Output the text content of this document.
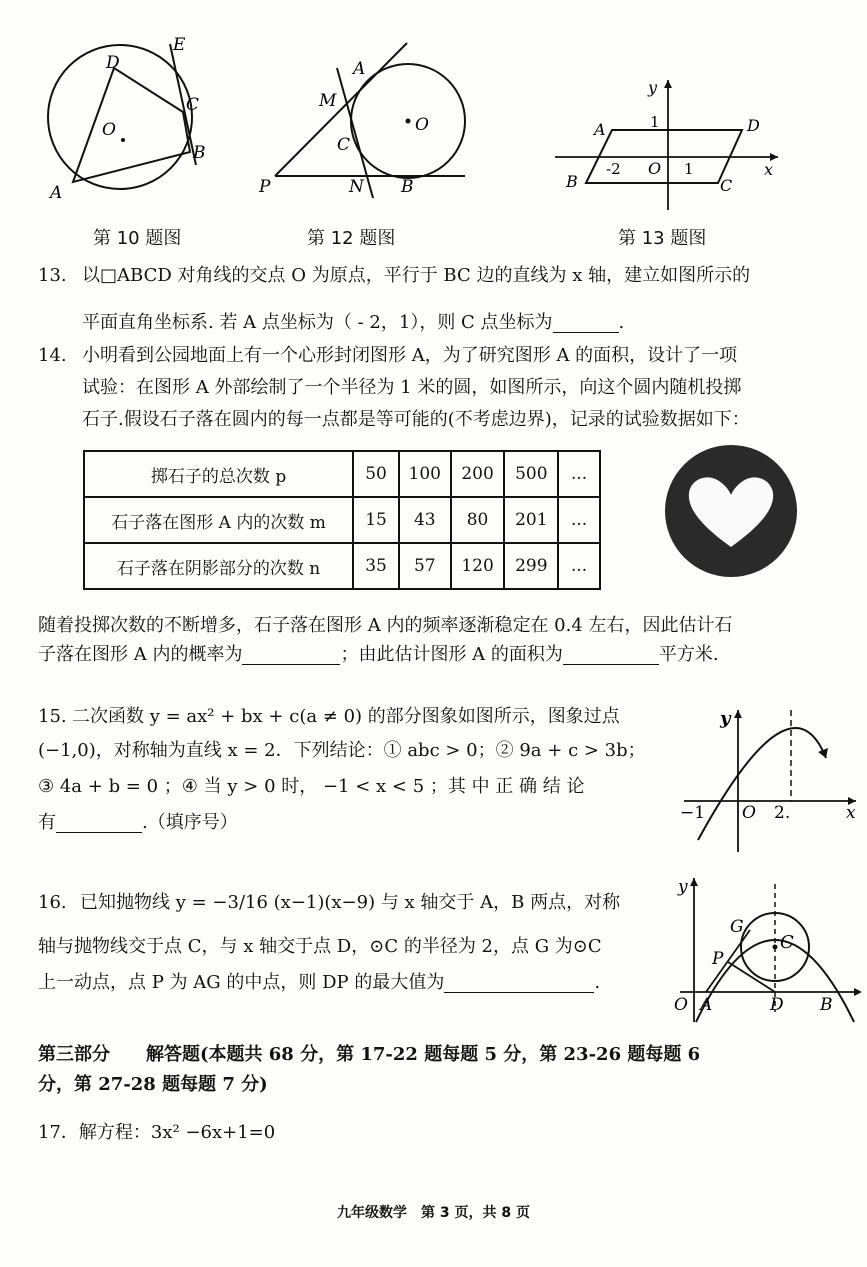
D
E
C
O
B
A
第 10 题图
A
M
C
O
P	N B
第 12 题图
y
A	1	D
-2 O 1	x
B	C
第 13 题图
13. 以□ABCD 对角线的交点 O 为原点，平行于 BC 边的直线为 x 轴，建立如图所示的
平面直角坐标系. 若 A 点坐标为（ - 2，1），则 C 点坐标为	.
14. 小明看到公园地面上有一个心形封闭图形 A，为了研究图形 A 的面积，设计了一项
试验：在图形 A 外部绘制了一个半径为 1 米的圆，如图所示，向这个圆内随机投掷
石子.假设石子落在圆内的每一点都是等可能的(不考虑边界)，记录的试验数据如下：
掷石子的总次数 p	50	100	200	500	...
石子落在图形 A 内的次数 m	15	43	80	201	...
石子落在阴影部分的次数 n	35	57	120	299	...
随着投掷次数的不断增多，石子落在图形 A 内的频率逐渐稳定在 0.4 左右，因此估计石
子落在图形 A 内的概率为	；由此估计图形 A 的面积为	平方米.
15. 二次函数 y = ax² + bx + c(a ≠ 0) 的部分图象如图所示，图象过点
(−1,0)，对称轴为直线 x = 2．下列结论：① abc > 0；② 9a + c > 3b；
③ 4a + b = 0 ；④ 当 y > 0 时， −1 < x < 5 ；其 中 正 确 结 论
有	.（填序号）
y
−1 O 2.	x
16. 已知抛物线 y = −3/16 (x−1)(x−9) 与 x 轴交于 A，B 两点，对称
轴与抛物线交于点 C，与 x 轴交于点 D，⊙C 的半径为 2，点 G 为⊙C
上一动点，点 P 为 AG 的中点，则 DP 的最大值为	.
y
G
C
P
O A	D B
第三部分　　解答题(本题共 68 分，第 17-22 题每题 5 分，第 23-26 题每题 6
分，第 27-28 题每题 7 分)
17．解方程：3x² −6x+1=0
九年级数学　第 3 页，共 8 页
